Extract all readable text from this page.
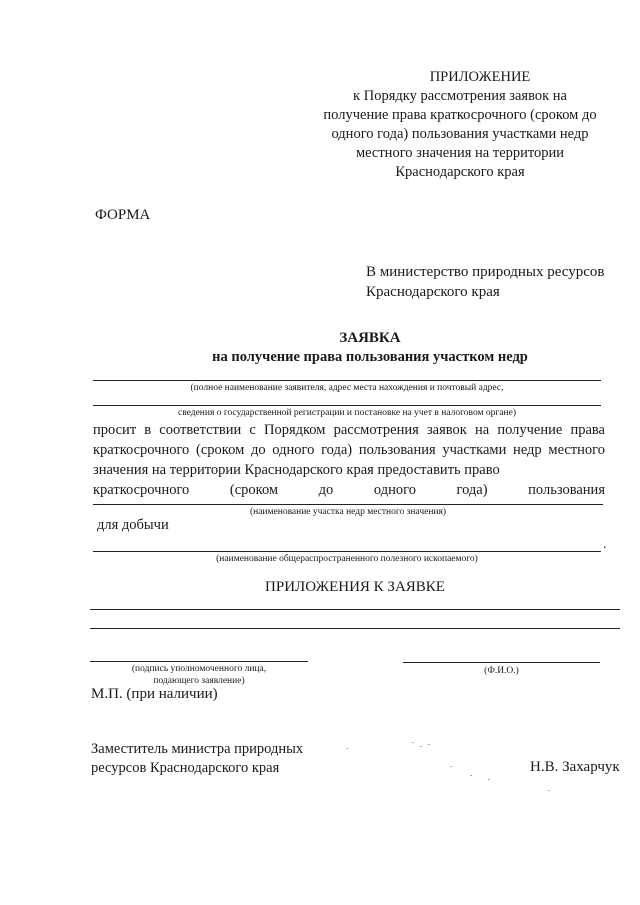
ПРИЛОЖЕНИЕ
к Порядку рассмотрения заявок на
получение права краткосрочного (сроком до
одного года) пользования участками недр
местного значения на территории
Краснодарского края
ФОРМА
В министерство природных ресурсов
Краснодарского края
ЗАЯВКА
на получение права пользования участком недр
(полное наименование заявителя, адрес места нахождения и почтовый адрес,
сведения о государственной регистрации и постановке на учет в налоговом органе)
просит в соответствии с Порядком рассмотрения заявок на получение права краткосрочного (сроком до одного года) пользования участками недр местного значения на территории Краснодарского края предоставить право
краткосрочного (сроком до одного года) пользования
(наименование участка недр местного значения)
для добычи
.
(наименование общераспространенного полезного ископаемого)
ПРИЛОЖЕНИЯ К ЗАЯВКЕ
(подпись уполномоченного лица,
подающего заявление)
(Ф.И.О.)
М.П. (при наличии)
Заместитель министра природных
ресурсов Краснодарского края	Н.В. Захарчук
